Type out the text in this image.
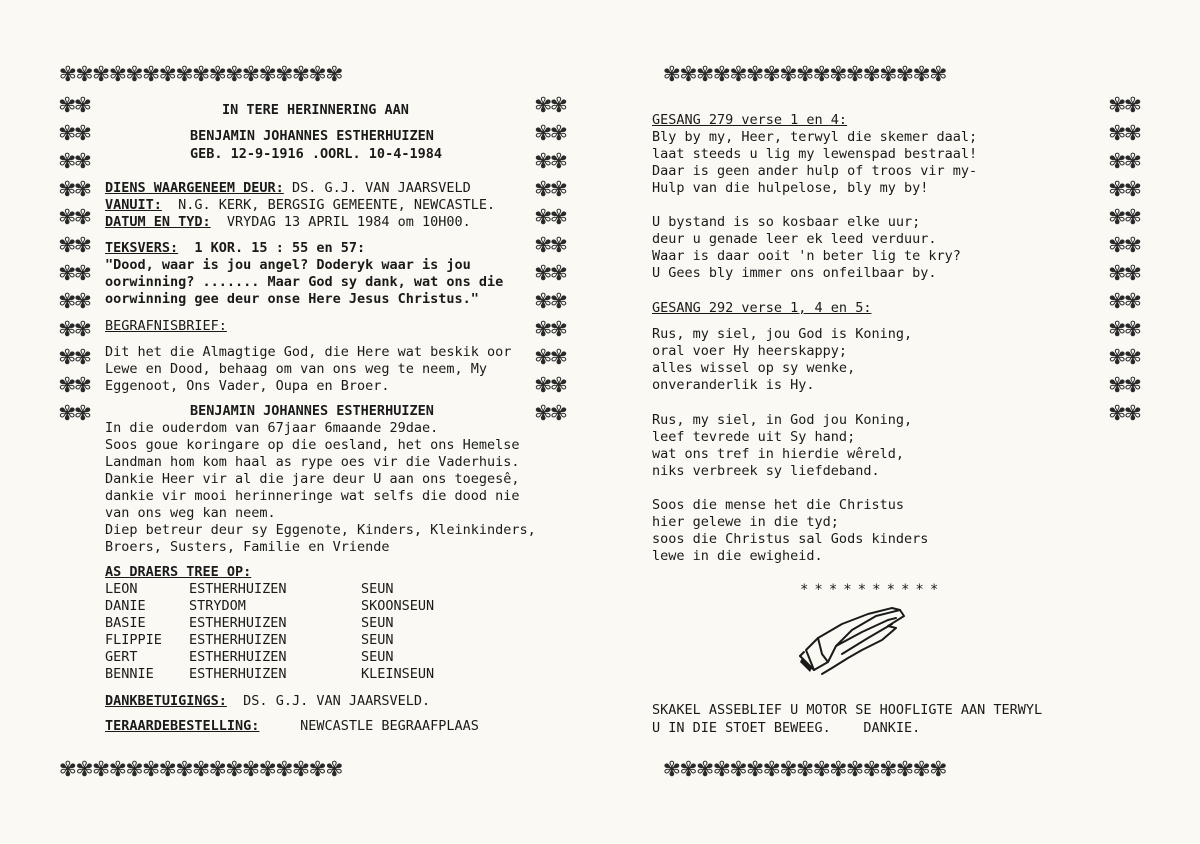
✾✾✾✾✾✾✾✾✾✾✾✾✾✾✾✾✾
✾✾✾✾✾✾✾✾✾✾✾✾✾✾✾✾✾
✾✾✾✾✾✾✾✾✾✾✾✾✾✾✾✾✾✾✾✾✾✾✾✾
✾✾✾✾✾✾✾✾✾✾✾✾✾✾✾✾✾✾✾✾✾✾✾✾
✾✾✾✾✾✾✾✾✾✾✾✾✾✾✾✾✾
✾✾✾✾✾✾✾✾✾✾✾✾✾✾✾✾✾
✾✾✾✾✾✾✾✾✾✾✾✾✾✾✾✾✾✾✾✾✾✾✾✾
IN TERE HERINNERING AAN
BENJAMIN JOHANNES ESTHERHUIZEN
GEB. 12-9-1916 .OORL. 10-4-1984
DIENS WAARGENEEM DEUR: DS. G.J. VAN JAARSVELD
VANUIT:  N.G. KERK, BERGSIG GEMEENTE, NEWCASTLE.
DATUM EN TYD:  VRYDAG 13 APRIL 1984 om 10H00.
TEKSVERS:  1 KOR. 15 : 55 en 57:
"Dood, waar is jou angel? Doderyk waar is jou
oorwinning? ....... Maar God sy dank, wat ons die
oorwinning gee deur onse Here Jesus Christus."
BEGRAFNISBRIEF:
Dit het die Almagtige God, die Here wat beskik oor
Lewe en Dood, behaag om van ons weg te neem, My
Eggenoot, Ons Vader, Oupa en Broer.
BENJAMIN JOHANNES ESTHERHUIZEN
In die ouderdom van 67jaar 6maande 29dae.
Soos goue koringare op die oesland, het ons Hemelse
Landman hom kom haal as rype oes vir die Vaderhuis.
Dankie Heer vir al die jare deur U aan ons toegesê,
dankie vir mooi herinneringe wat selfs die dood nie
van ons weg kan neem.
Diep betreur deur sy Eggenote, Kinders, Kleinkinders,
Broers, Susters, Familie en Vriende
AS DRAERS TREE OP:
LEON	ESTHERHUIZEN	SEUN
DANIE	STRYDOM	SKOONSEUN
BASIE	ESTHERHUIZEN	SEUN
FLIPPIE	ESTHERHUIZEN	SEUN
GERT	ESTHERHUIZEN	SEUN
BENNIE	ESTHERHUIZEN	KLEINSEUN
DANKBETUIGINGS:  DS. G.J. VAN JAARSVELD.
TERAARDEBESTELLING:     NEWCASTLE BEGRAAFPLAAS
GESANG 279 verse 1 en 4:
Bly by my, Heer, terwyl die skemer daal;
laat steeds u lig my lewenspad bestraal!
Daar is geen ander hulp of troos vir my-
Hulp van die hulpelose, bly my by!
U bystand is so kosbaar elke uur;
deur u genade leer ek leed verduur.
Waar is daar ooit 'n beter lig te kry?
U Gees bly immer ons onfeilbaar by.
GESANG 292 verse 1, 4 en 5:
Rus, my siel, jou God is Koning,
oral voer Hy heerskappy;
alles wissel op sy wenke,
onveranderlik is Hy.
Rus, my siel, in God jou Koning,
leef tevrede uit Sy hand;
wat ons tref in hierdie wêreld,
niks verbreek sy liefdeband.
Soos die mense het die Christus
hier gelewe in die tyd;
soos die Christus sal Gods kinders
lewe in die ewigheid.
**********
SKAKEL ASSEBLIEF U MOTOR SE HOOFLIGTE AAN TERWYL
U IN DIE STOET BEWEEG.    DANKIE.
